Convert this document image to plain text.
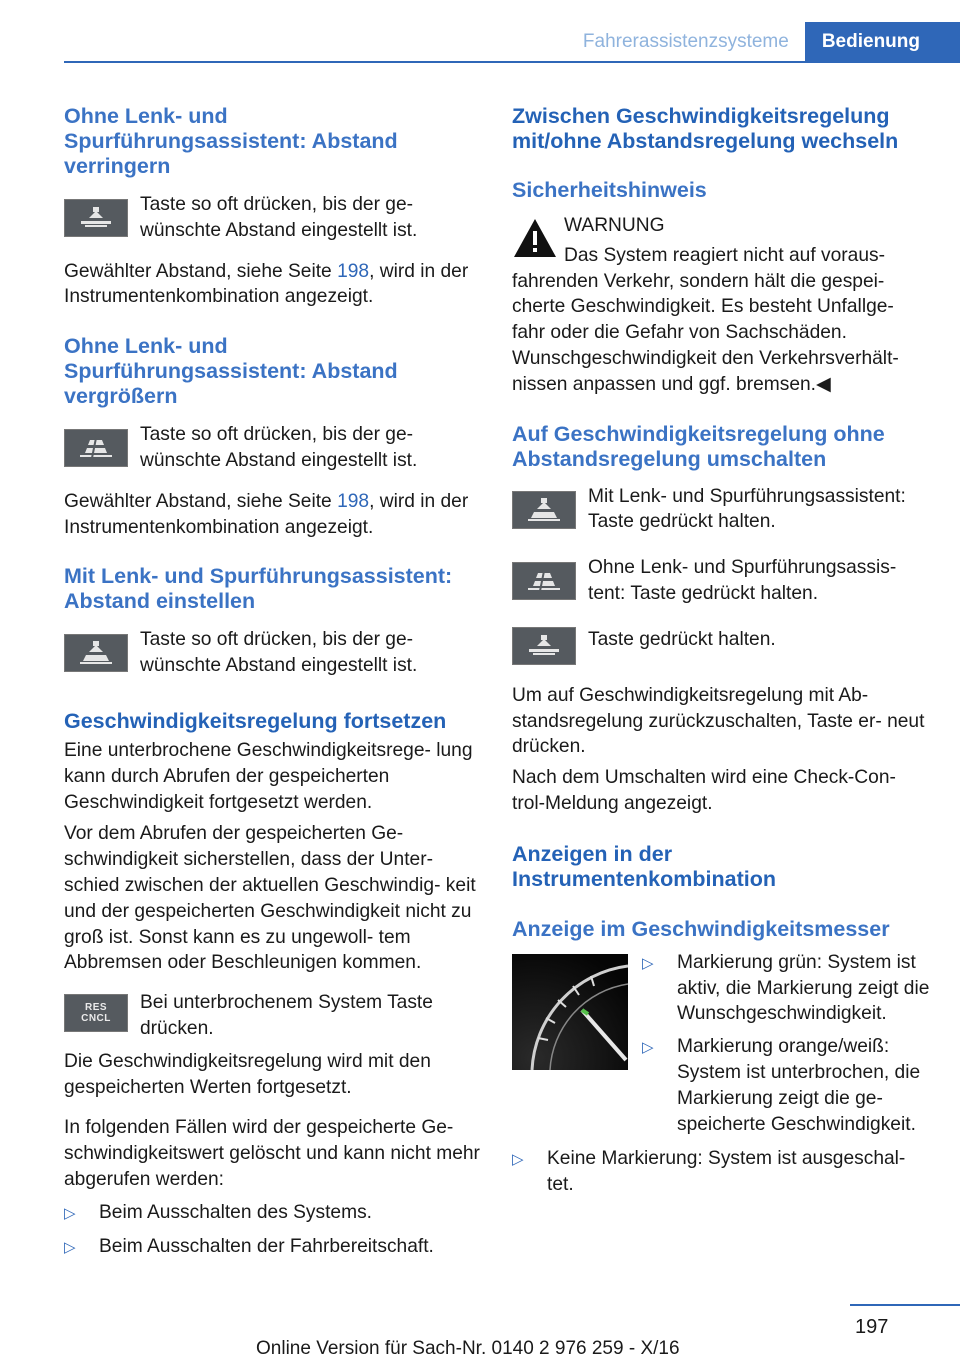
Fahrerassistenzsysteme	Bedienung
Ohne Lenk- und Spurführungsassistent: Abstand verringern
Taste so oft drücken, bis der ge‐ wünschte Abstand eingestellt ist.

Gewählter Abstand, siehe Seite 198, wird in der Instrumentenkombination angezeigt.

Ohne Lenk- und Spurführungsassistent: Abstand vergrößern
Taste so oft drücken, bis der ge‐ wünschte Abstand eingestellt ist.

Gewählter Abstand, siehe Seite 198, wird in der Instrumentenkombination angezeigt.

Mit Lenk- und Spurführungsassistent: Abstand einstellen
Taste so oft drücken, bis der ge‐ wünschte Abstand eingestellt ist.
Geschwindigkeitsregelung fortsetzen

Eine unterbrochene Geschwindigkeitsrege‐ lung kann durch Abrufen der gespeicherten Geschwindigkeit fortgesetzt werden.

Vor dem Abrufen der gespeicherten Ge‐ schwindigkeit sicherstellen, dass der Unter‐ schied zwischen der aktuellen Geschwindig‐ keit und der gespeicherten Geschwindigkeit nicht zu groß ist. Sonst kann es zu ungewoll‐ tem Abbremsen oder Beschleunigen kommen.

RES
CNCL
Bei unterbrochenem System Taste drücken.

Die Geschwindigkeitsregelung wird mit den gespeicherten Werten fortgesetzt.

In folgenden Fällen wird der gespeicherte Ge‐ schwindigkeitswert gelöscht und kann nicht mehr abgerufen werden:

▷	Beim Ausschalten des Systems.
▷	Beim Ausschalten der Fahrbereitschaft.
Zwischen Geschwindigkeitsregelung mit/ohne Abstandsregelung wechseln
Sicherheitshinweis

WARNUNG

Das System reagiert nicht auf voraus‐

fahrenden Verkehr, sondern hält die gespei‐ cherte Geschwindigkeit. Es besteht Unfallge‐ fahr oder die Gefahr von Sachschäden. Wunschgeschwindigkeit den Verkehrsverhält‐ nissen anpassen und ggf. bremsen.◀

Auf Geschwindigkeitsregelung ohne Abstandsregelung umschalten
Mit Lenk- und Spurführungsassistent: Taste gedrückt halten.
Ohne Lenk- und Spurführungsassis‐ tent: Taste gedrückt halten.
Taste gedrückt halten.

Um auf Geschwindigkeitsregelung mit Ab‐ standsregelung zurückzuschalten, Taste er‐ neut drücken.

Nach dem Umschalten wird eine Check-Con‐ trol-Meldung angezeigt.

Anzeigen in der Instrumentenkombination
Anzeige im Geschwindigkeitsmesser
▷	Markierung grün: System ist aktiv, die Markierung zeigt die Wunschgeschwindigkeit.
▷	Markierung orange/weiß: System ist unterbrochen, die Markierung zeigt die ge‐ speicherte Geschwindigkeit.
▷	Keine Markierung: System ist ausgeschal‐ tet.
197
Online Version für Sach-Nr. 0140 2 976 259 - X/16
